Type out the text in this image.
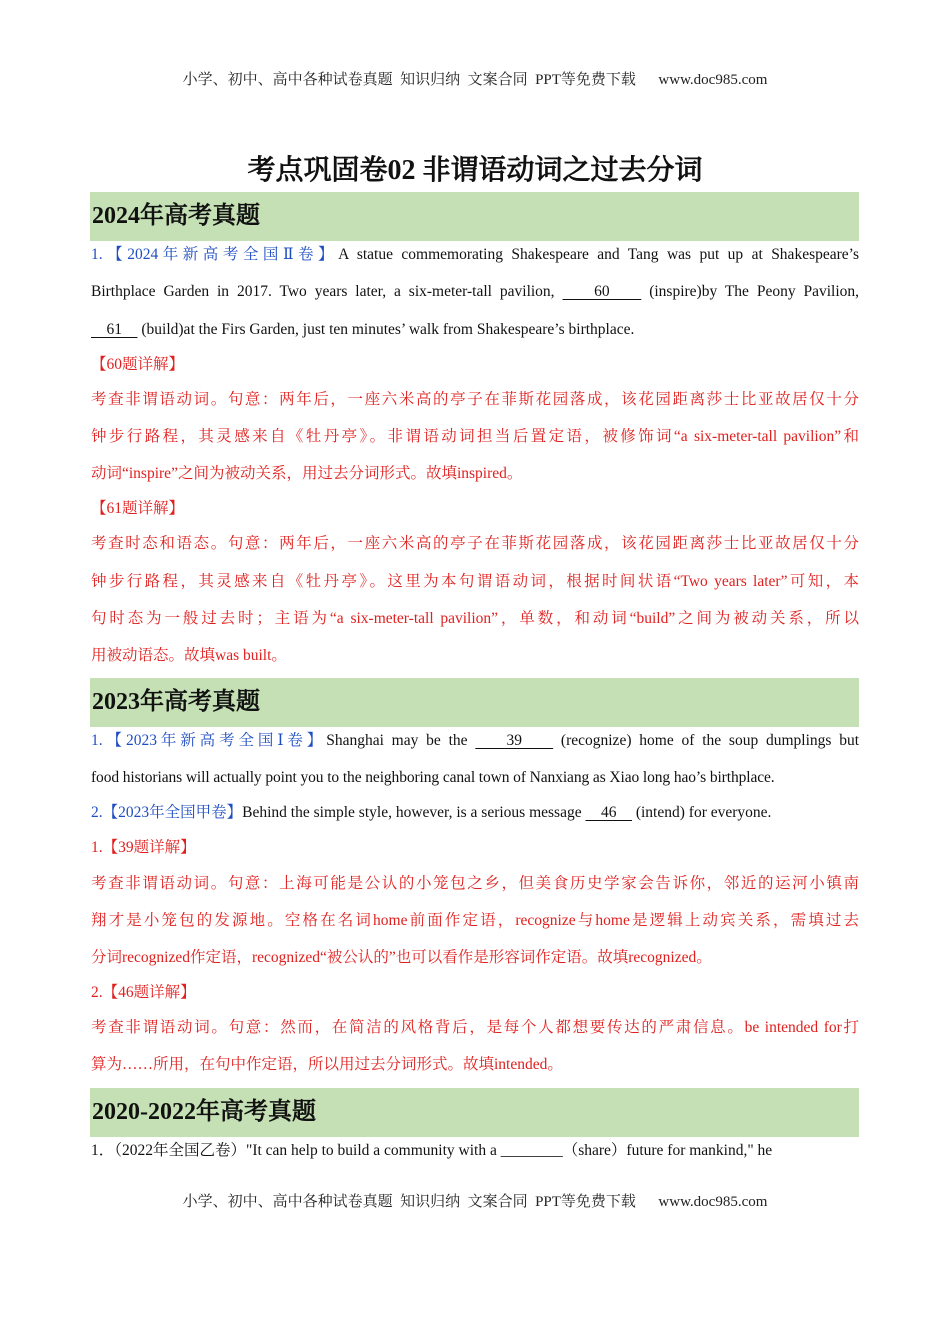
小学、初中、高中各种试卷真题  知识归纳  文案合同  PPT等免费下载      www.doc985.com
考点巩固卷02 非谓语动词之过去分词
2024年高考真题
1.【2024年新高考全国Ⅱ卷】A statue commemorating Shakespeare and Tang was put up at Shakespeare’s
Birthplace Garden in 2017. Two years later, a six-meter-tall pavilion,     60     (inspire)by The Peony Pavilion,
61     (build)at the Firs Garden, just ten minutes’ walk from Shakespeare’s birthplace.
【60题详解】
考查非谓语动词。句意：两年后，一座六米高的亭子在菲斯花园落成，该花园距离莎士比亚故居仅十分
钟步行路程，其灵感来自《牡丹亭》。非谓语动词担当后置定语，被修饰词“a six-meter-tall pavilion”和
动词“inspire”之间为被动关系，用过去分词形式。故填inspired。
【61题详解】
考查时态和语态。句意：两年后，一座六米高的亭子在菲斯花园落成，该花园距离莎士比亚故居仅十分
钟步行路程，其灵感来自《牡丹亭》。这里为本句谓语动词，根据时间状语“Two years later”可知，本
句时态为一般过去时；主语为“a six-meter-tall pavilion”，单数，和动词“build”之间为被动关系，所以
用被动语态。故填was built。
2023年高考真题
1.【2023年新高考全国Ⅰ卷】Shanghai may be the     39     (recognize) home of the soup dumplings but
food historians will actually point you to the neighboring canal town of Nanxiang as Xiao long hao’s birthplace.
2.【2023年全国甲卷】Behind the simple style, however, is a serious message     46     (intend) for everyone.
1.【39题详解】
考查非谓语动词。句意：上海可能是公认的小笼包之乡，但美食历史学家会告诉你，邻近的运河小镇南
翔才是小笼包的发源地。空格在名词home前面作定语，recognize与home是逻辑上动宾关系，需填过去
分词recognized作定语，recognized“被公认的”也可以看作是形容词作定语。故填recognized。
2.【46题详解】
考查非谓语动词。句意：然而，在简洁的风格背后，是每个人都想要传达的严肃信息。be intended for打
算为……所用，在句中作定语，所以用过去分词形式。故填intended。
2020-2022年高考真题
1．（2022年全国乙卷）"It can help to build a community with a ________（share）future for mankind," he
小学、初中、高中各种试卷真题  知识归纳  文案合同  PPT等免费下载      www.doc985.com
